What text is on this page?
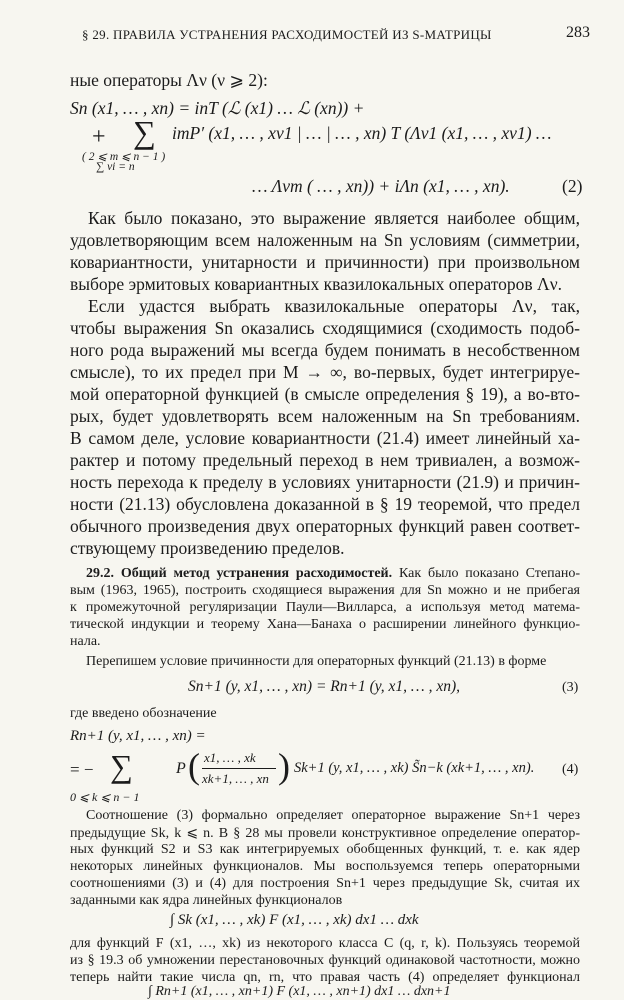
§ 29. ПРАВИЛА УСТРАНЕНИЯ РАСХОДИМОСТЕЙ ИЗ S-МАТРИЦЫ	283
ные операторы Λν (ν ⩾ 2):
Sn (x1, … , xn) = inT (ℒ (x1) … ℒ (xn)) +
+ ∑ imP′ (x1, … , xν1 | … | … , xn) T (Λν1 (x1, … , xν1) …
( 2 ⩽ m ⩽ n − 1 )
∑ νi = n
… Λνm ( … , xn)) + iΛn (x1, … , xn).	(2)
Как было показано, это выражение является наиболее общим,
удовлетворяющим всем наложенным на Sn условиям (симметрии,
ковариантности, унитарности и причинности) при произвольном
выборе эрмитовых ковариантных квазилокальных операторов Λν.
Если удастся выбрать квазилокальные операторы Λν, так,
чтобы выражения Sn оказались сходящимися (сходимость подоб-
ного рода выражений мы всегда будем понимать в несобственном
смысле), то их предел при M → ∞, во-первых, будет интегрируе-
мой операторной функцией (в смысле определения § 19), а во-вто-
рых, будет удовлетворять всем наложенным на Sn требованиям.
В самом деле, условие ковариантности (21.4) имеет линейный ха-
рактер и потому предельный переход в нем тривиален, а возмож-
ность перехода к пределу в условиях унитарности (21.9) и причин-
ности (21.13) обусловлена доказанной в § 19 теоремой, что предел
обычного произведения двух операторных функций равен соответ-
ствующему произведению пределов.
29.2. Общий метод устранения расходимостей. Как было показано Степано-
вым (1963, 1965), построить сходящиеся выражения для Sn можно и не прибегая
к промежуточной регуляризации Паули—Вилларса, а используя метод матема-
тической индукции и теорему Хана—Банаха о расширении линейного функцио-
нала.
Перепишем условие причинности для операторных функций (21.13) в форме
Sn+1 (y, x1, … , xn) = Rn+1 (y, x1, … , xn),	(3)
где введено обозначение
Rn+1 (y, x1, … , xn) =
= − ∑
0 ⩽ k ⩽ n − 1
P ( x1, … , xk
xk+1, … , xn ) Sk+1 (y, x1, … , xk) S̃n−k (xk+1, … , xn). (4)
Соотношение (3) формально определяет операторное выражение Sn+1 через
предыдущие Sk, k ⩽ n. В § 28 мы провели конструктивное определение оператор-
ных функций S2 и S3 как интегрируемых обобщенных функций, т. е. как ядер
некоторых линейных функционалов. Мы воспользуемся теперь операторными
соотношениями (3) и (4) для построения Sn+1 через предыдущие Sk, считая их
заданными как ядра линейных функционалов
∫ Sk (x1, … , xk) F (x1, … , xk) dx1 … dxk
для функций F (x1, …, xk) из некоторого класса C (q, r, k). Пользуясь теоремой
из § 19.3 об умножении перестановочных функций одинаковой частотности, можно
теперь найти такие числа qn, rn, что правая часть (4) определяет функционал
∫ Rn+1 (x1, … , xn+1) F (x1, … , xn+1) dx1 … dxn+1
